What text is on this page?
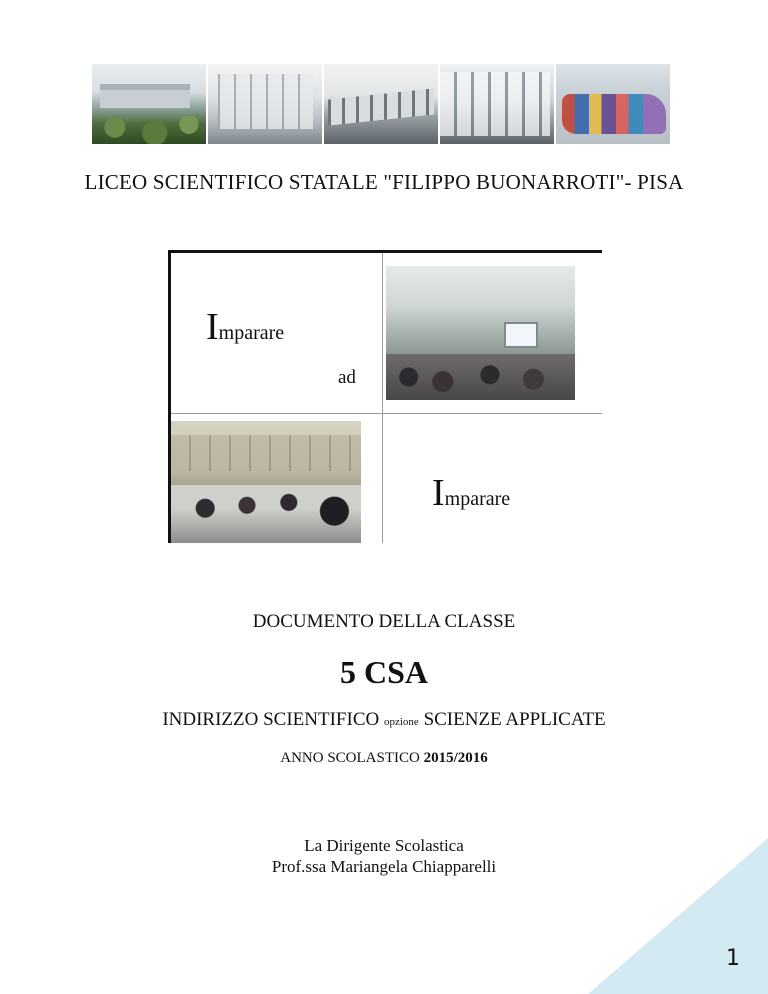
LICEO SCIENTIFICO STATALE "FILIPPO BUONARROTI"- PISA
Imparare
ad
Imparare
DOCUMENTO DELLA CLASSE
5 CSA
INDIRIZZO SCIENTIFICO opzione SCIENZE APPLICATE
ANNO SCOLASTICO 2015/2016
La Dirigente Scolastica
Prof.ssa Mariangela Chiapparelli
1
